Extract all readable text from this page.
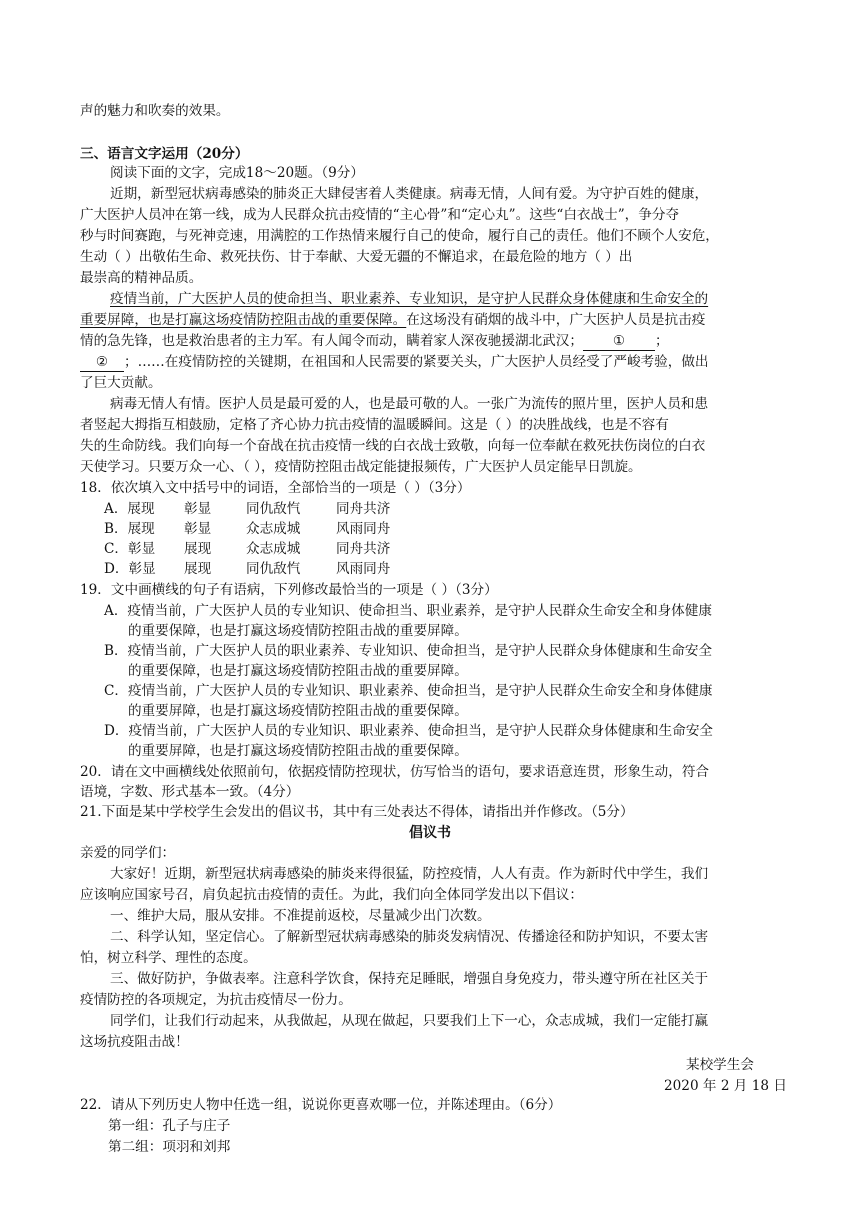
声的魅力和吹奏的效果。
三、语言文字运用（20分）
阅读下面的文字，完成18～20题。（9分）
近期，新型冠状病毒感染的肺炎正大肆侵害着人类健康。病毒无情，人间有爱。为守护百姓的健康，
广大医护人员冲在第一线，成为人民群众抗击疫情的“主心骨”和“定心丸”。这些“白衣战士”，争分夺
秒与时间赛跑，与死神竞速，用满腔的工作热情来履行自己的使命，履行自己的责任。他们不顾个人安危，
生动（ ）出敬佑生命、救死扶伤、甘于奉献、大爱无疆的不懈追求，在最危险的地方（ ）出
最崇高的精神品质。
疫情当前，广大医护人员的使命担当、职业素养、专业知识，是守护人民群众身体健康和生命安全的
重要屏障，也是打赢这场疫情防控阻击战的重要保障。在这场没有硝烟的战斗中，广大医护人员是抗击疫
情的急先锋，也是救治患者的主力军。有人闻令而动，瞒着家人深夜驰援湖北武汉； ① ；
② ；……在疫情防控的关键期，在祖国和人民需要的紧要关头，广大医护人员经受了严峻考验，做出
了巨大贡献。
病毒无情人有情。医护人员是最可爱的人，也是最可敬的人。一张广为流传的照片里，医护人员和患
者竖起大拇指互相鼓励，定格了齐心协力抗击疫情的温暖瞬间。这是（ ）的决胜战线，也是不容有
失的生命防线。我们向每一个奋战在抗击疫情一线的白衣战士致敬，向每一位奉献在救死扶伤岗位的白衣
天使学习。只要万众一心、（ ），疫情防控阻击战定能捷报频传，广大医护人员定能早日凯旋。
18．依次填入文中括号中的词语，全部恰当的一项是（ ）（3分）
A．展现 彰显	同仇敌忾	同舟共济
B．展现 彰显	众志成城	风雨同舟
C．彰显 展现	众志成城	同舟共济
D．彰显 展现	同仇敌忾	风雨同舟
19．文中画横线的句子有语病，下列修改最恰当的一项是（ ）（3分）
A．疫情当前，广大医护人员的专业知识、使命担当、职业素养，是守护人民群众生命安全和身体健康
的重要保障，也是打赢这场疫情防控阻击战的重要屏障。
B．疫情当前，广大医护人员的职业素养、专业知识、使命担当，是守护人民群众身体健康和生命安全
的重要保障，也是打赢这场疫情防控阻击战的重要屏障。
C．疫情当前，广大医护人员的专业知识、职业素养、使命担当，是守护人民群众生命安全和身体健康
的重要屏障，也是打赢这场疫情防控阻击战的重要保障。
D．疫情当前，广大医护人员的专业知识、职业素养、使命担当，是守护人民群众身体健康和生命安全
的重要屏障，也是打赢这场疫情防控阻击战的重要保障。
20．请在文中画横线处依照前句，依据疫情防控现状，仿写恰当的语句，要求语意连贯，形象生动，符合
语境，字数、形式基本一致。（4分）
21.下面是某中学校学生会发出的倡议书，其中有三处表达不得体，请指出并作修改。（5分）
倡议书
亲爱的同学们：
大家好！近期，新型冠状病毒感染的肺炎来得很猛，防控疫情，人人有责。作为新时代中学生，我们
应该响应国家号召，肩负起抗击疫情的责任。为此，我们向全体同学发出以下倡议：
一、维护大局，服从安排。不准提前返校，尽量减少出门次数。
二、科学认知，坚定信心。了解新型冠状病毒感染的肺炎发病情况、传播途径和防护知识，不要太害
怕，树立科学、理性的态度。
三、做好防护，争做表率。注意科学饮食，保持充足睡眠，增强自身免疫力，带头遵守所在社区关于
疫情防控的各项规定，为抗击疫情尽一份力。
同学们，让我们行动起来，从我做起，从现在做起，只要我们上下一心，众志成城，我们一定能打赢
这场抗疫阻击战！
某校学生会
2020 年 2 月 18 日
22．请从下列历史人物中任选一组，说说你更喜欢哪一位，并陈述理由。（6分）
第一组：孔子与庄子
第二组：项羽和刘邦
